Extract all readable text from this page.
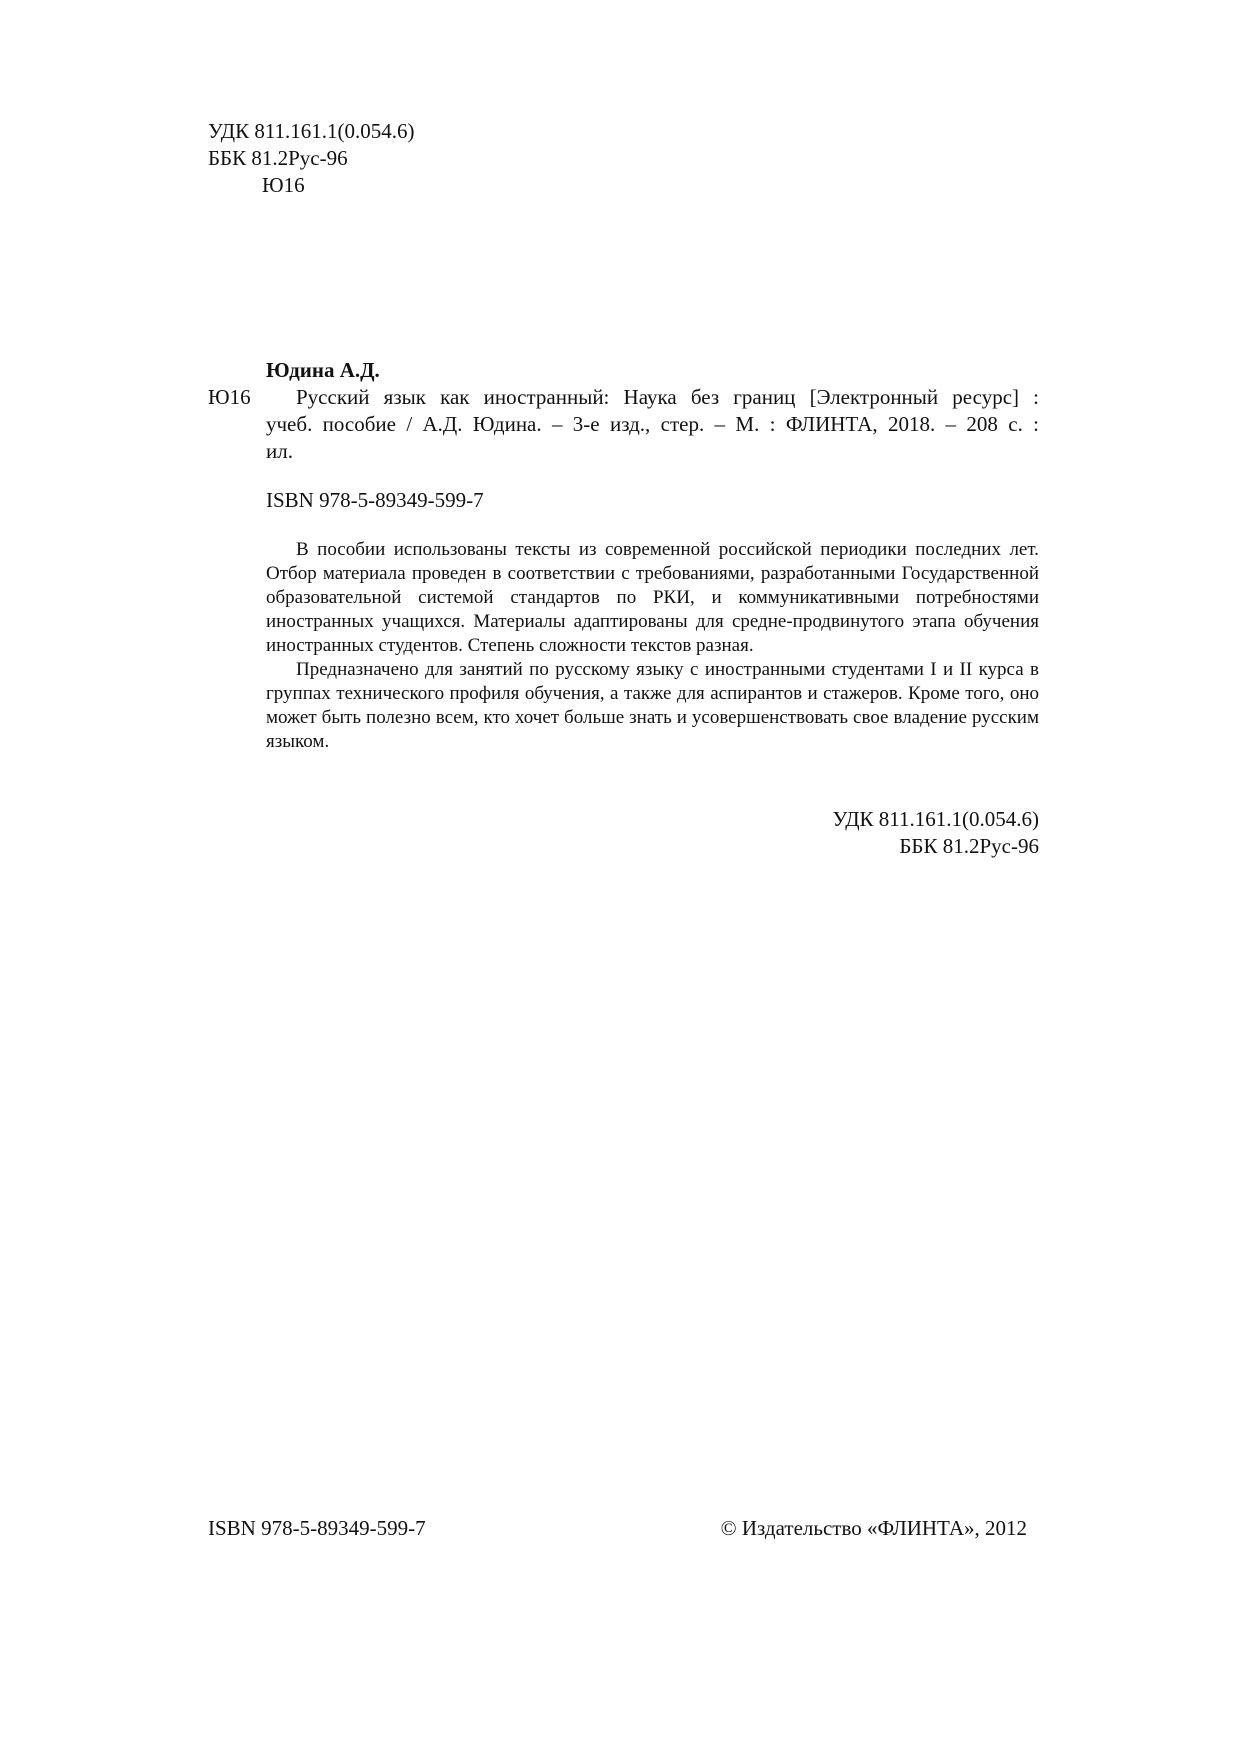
УДК 811.161.1(0.054.6)
ББК 81.2Рус-96
Ю16
Юдина А.Д.
Ю16	Русский язык как иностранный: Наука без границ [Электронный ресурс] :
учеб. пособие / А.Д. Юдина. – 3-е изд., стер. – М. : ФЛИНТА, 2018. – 208 с. :
ил.
ISBN 978-5-89349-599-7

В пособии использованы тексты из современной российской периодики последних лет. Отбор материала проведен в соответствии с требованиями, разработанными Государственной образовательной системой стандартов по РКИ, и коммуникативными потребностями иностранных учащихся. Материалы адаптированы для средне-продвинутого этапа обучения иностранных студентов. Степень сложности текстов разная.

Предназначено для занятий по русскому языку с иностранными студентами I и II курса в группах технического профиля обучения, а также для аспирантов и стажеров. Кроме того, оно может быть полезно всем, кто хочет больше знать и усовершенствовать свое владение русским языком.

УДК 811.161.1(0.054.6)
ББК 81.2Рус-96
ISBN 978-5-89349-599-7	© Издательство «ФЛИНТА», 2012
